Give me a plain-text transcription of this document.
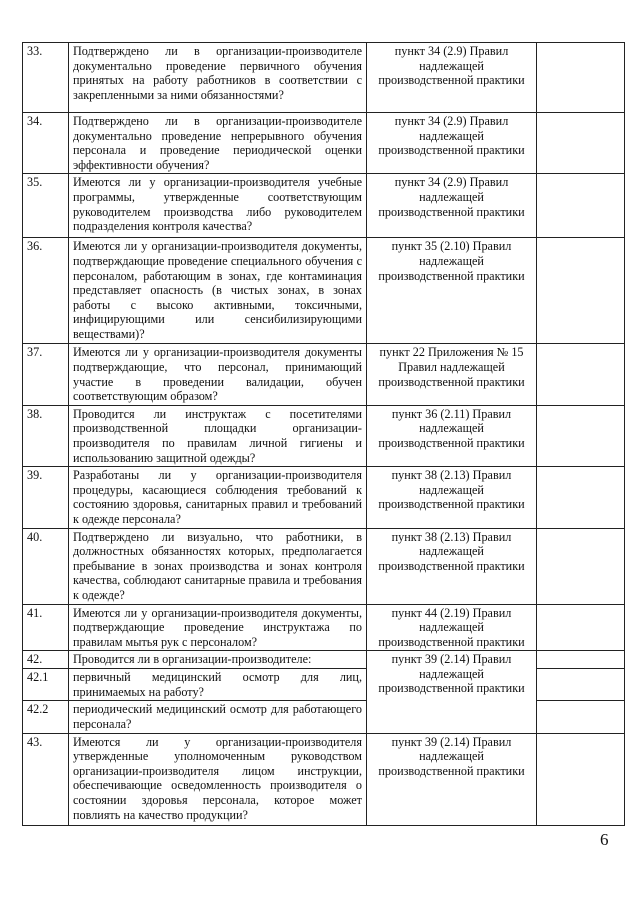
33.	Подтверждено ли в организации-производителе документально проведение первичного обучения принятых на работу работников в соответствии с закрепленными за ними обязанностями?	пункт 34 (2.9) Правил надлежащей производственной практики	
34.	Подтверждено ли в организации-производителе документально проведение непрерывного обучения персонала и проведение периодической оценки эффективности обучения?	пункт 34 (2.9) Правил надлежащей производственной практики	
35.	Имеются ли у организации-производителя учебные программы, утвержденные соответствующим руководителем производства либо руководителем подразделения контроля качества?	пункт 34 (2.9) Правил надлежащей производственной практики	
36.	Имеются ли у организации-производителя документы, подтверждающие проведение специального обучения с персоналом, работающим в зонах, где контаминация представляет опасность (в чистых зонах, в зонах работы с высоко активными, токсичными, инфицирующими или сенсибилизирующими веществами)?	пункт 35 (2.10) Правил надлежащей производственной практики	
37.	Имеются ли у организации-производителя документы подтверждающие, что персонал, принимающий участие в проведении валидации, обучен соответствующим образом?	пункт 22 Приложения № 15 Правил надлежащей производственной практики	
38.	Проводится ли инструктаж с посетителями производственной площадки организации-производителя по правилам личной гигиены и использованию защитной одежды?	пункт 36 (2.11) Правил надлежащей производственной практики	
39.	Разработаны ли у организации-производителя процедуры, касающиеся соблюдения требований к состоянию здоровья, санитарных правил и требований к одежде персонала?	пункт 38 (2.13) Правил надлежащей производственной практики	
40.	Подтверждено ли визуально, что работники, в должностных обязанностях которых, предполагается пребывание в зонах производства и зонах контроля качества, соблюдают санитарные правила и требования к одежде?	пункт 38 (2.13) Правил надлежащей производственной практики	
41.	Имеются ли у организации-производителя документы, подтверждающие проведение инструктажа по правилам мытья рук с персоналом?	пункт 44 (2.19) Правил надлежащей производственной практики	
42.	Проводится ли в организации-производителе:	пункт 39 (2.14) Правил надлежащей производственной практики	
42.1	первичный медицинский осмотр для лиц, принимаемых на работу?		
42.2	периодический медицинский осмотр для работающего персонала?		
43.	Имеются ли у организации-производителя утвержденные уполномоченным руководством организации-производителя лицом инструкции, обеспечивающие осведомленность производителя о состоянии здоровья персонала, которое может повлиять на качество продукции?	пункт 39 (2.14) Правил надлежащей производственной практики	
6
